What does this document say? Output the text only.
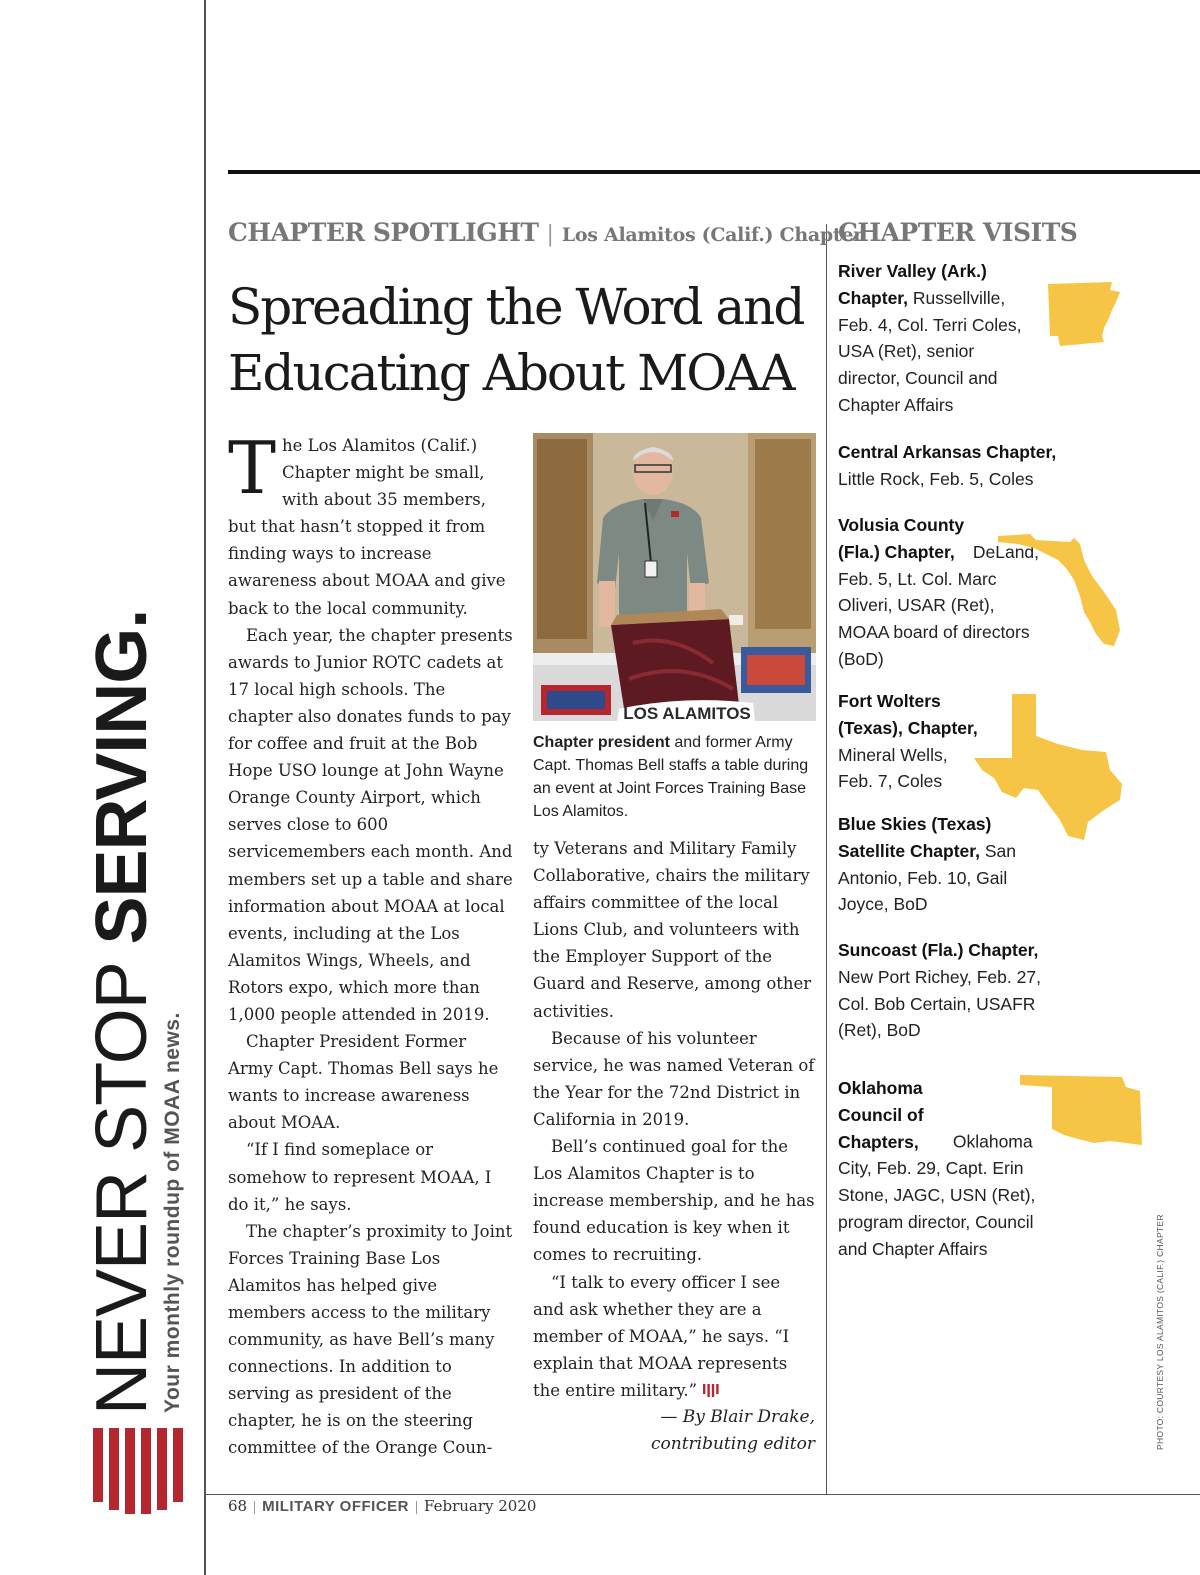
NEVER STOP SERVING.
Your monthly roundup of MOAA news.
CHAPTER SPOTLIGHT | Los Alamitos (Calif.) Chapter
Spreading the Word and Educating About MOAA

The Los Alamitos (Calif.) Chapter might be small, with about 35 members, but that hasn’t stopped it from finding ways to increase awareness about MOAA and give back to the local community.

Each year, the chapter presents awards to Junior ROTC cadets at 17 local high schools. The chapter also donates funds to pay for coffee and fruit at the Bob Hope USO lounge at John Wayne Orange County Airport, which serves close to 600 servicemembers each month. And members set up a table and share information about MOAA at local events, including at the Los Alamitos Wings, Wheels, and Rotors expo, which more than 1,000 people attended in 2019.

Chapter President Former Army Capt. Thomas Bell says he wants to increase awareness about MOAA.

“If I find someplace or somehow to represent MOAA, I do it,” he says.

The chapter’s proximity to Joint Forces Training Base Los Alamitos has helped give members access to the military community, as have Bell’s many connections. In addition to serving as president of the chapter, he is on the steering committee of the Orange Coun-

LOS ALAMITOS
Chapter president and former Army Capt. Thomas Bell staffs a table during an event at Joint Forces Training Base Los Alamitos.

ty Veterans and Military Family Collaborative, chairs the military affairs committee of the local Lions Club, and volunteers with the Employer Support of the Guard and Reserve, among other activities.

Because of his volunteer service, he was named Veteran of the Year for the 72nd District in California in 2019.

Bell’s continued goal for the Los Alamitos Chapter is to increase membership, and he has found education is key when it comes to recruiting.

“I talk to every officer I see and ask whether they are a member of MOAA,” he says. “I explain that MOAA represents the entire military.”

— By Blair Drake,
contributing editor
CHAPTER VISITS

River Valley (Ark.) Chapter, Russellville, Feb. 4, Col. Terri Coles, USA (Ret), senior director, Council and Chapter Affairs

Central Arkansas Chapter, Little Rock, Feb. 5, Coles

Volusia County (Fla.) Chapter, DeLand, Feb. 5, Lt. Col. Marc Oliveri, USAR (Ret), MOAA board of directors (BoD)

Fort Wolters (Texas), Chapter, Mineral Wells, Feb. 7, Coles

Blue Skies (Texas) Satellite Chapter, San Antonio, Feb. 10, Gail Joyce, BoD

Suncoast (Fla.) Chapter, New Port Richey, Feb. 27, Col. Bob Certain, USAFR (Ret), BoD

Oklahoma Council of Chapters, Oklahoma City, Feb. 29, Capt. Erin Stone, JAGC, USN (Ret), program director, Council and Chapter Affairs	PHOTO: COURTESY LOS ALAMITOS (CALIF.) CHAPTER
68 | MILITARY OFFICER | February 2020
